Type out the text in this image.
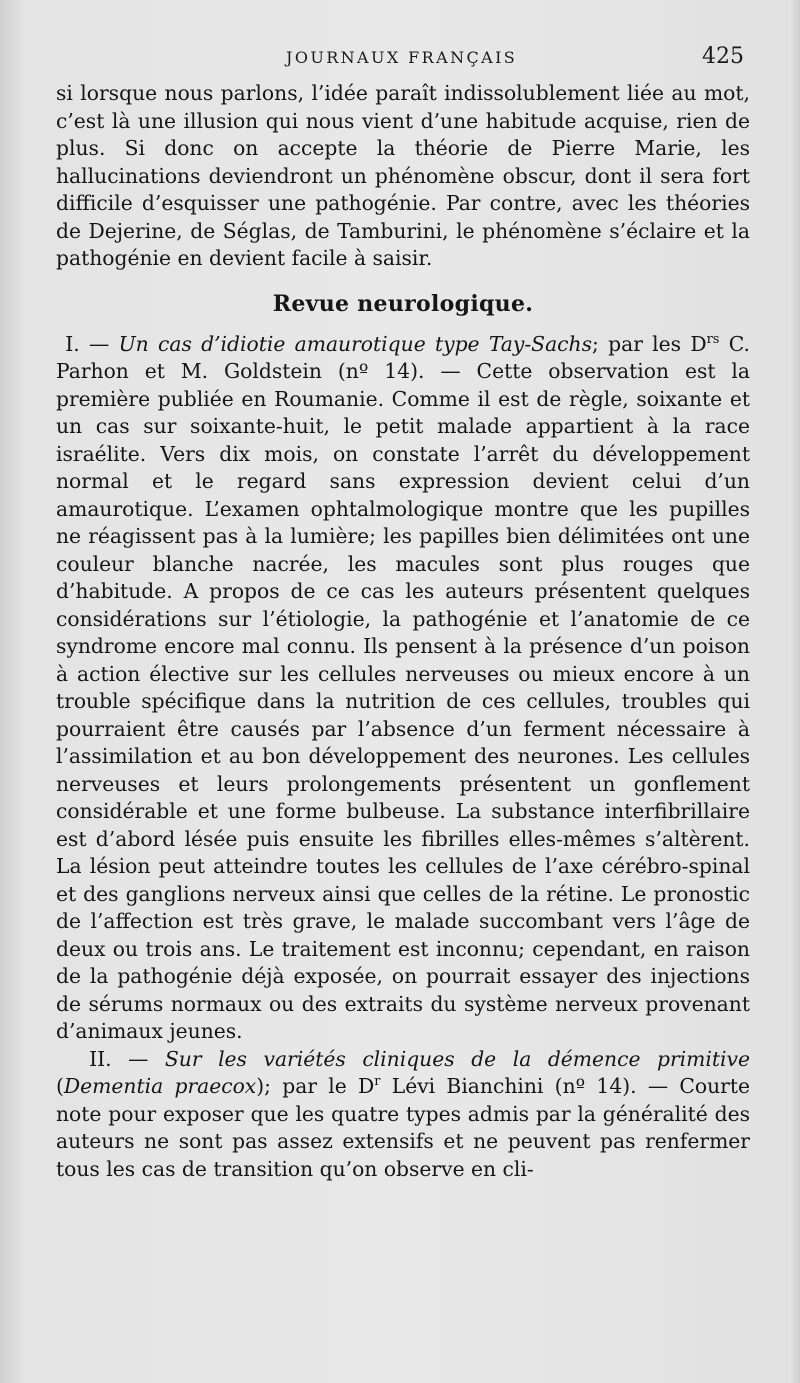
JOURNAUX FRANÇAIS	425

si lorsque nous parlons, l’idée paraît indissolublement liée au mot, c’est là une illusion qui nous vient d’une habitude acquise, rien de plus. Si donc on accepte la théorie de Pierre Marie, les hallucinations deviendront un phénomène obscur, dont il sera fort difficile d’esquisser une pathogénie. Par contre, avec les théories de Dejerine, de Séglas, de Tamburini, le phénomène s’éclaire et la pathogénie en devient facile à saisir.

Revue neurologique.

I. — Un cas d’idiotie amaurotique type Tay-Sachs; par les $D^{rs}$ C. Parhon et M. Goldstein (nº 14). — Cette observation est la première publiée en Roumanie. Comme il est de règle, soixante et un cas sur soixante-huit, le petit malade appartient à la race israélite. Vers dix mois, on constate l’arrêt du développement normal et le regard sans expression devient celui d’un amaurotique. L’examen ophtalmologique montre que les pupilles ne réagissent pas à la lumière; les papilles bien délimitées ont une couleur blanche nacrée, les macules sont plus rouges que d’habitude. A propos de ce cas les auteurs présentent quelques considérations sur l’étiologie, la pathogénie et l’anatomie de ce syndrome encore mal connu. Ils pensent à la présence d’un poison à action élective sur les cellules nerveuses ou mieux encore à un trouble spécifique dans la nutrition de ces cellules, troubles qui pourraient être causés par l’absence d’un ferment nécessaire à l’assimilation et au bon développement des neurones. Les cellules nerveuses et leurs prolongements présentent un gonflement considérable et une forme bulbeuse. La substance interfibrillaire est d’abord lésée puis ensuite les fibrilles elles-mêmes s’altèrent. La lésion peut atteindre toutes les cellules de l’axe cérébro-spinal et des ganglions nerveux ainsi que celles de la rétine. Le pronostic de l’affection est très grave, le malade succombant vers l’âge de deux ou trois ans. Le traitement est inconnu; cependant, en raison de la pathogénie déjà exposée, on pourrait essayer des injections de sérums normaux ou des extraits du système nerveux provenant d’animaux jeunes.

II. — Sur les variétés cliniques de la démence primitive (Dementia praecox); par le $D^r$ Lévi Bianchini (nº 14). — Courte note pour exposer que les quatre types admis par la généralité des auteurs ne sont pas assez extensifs et ne peuvent pas renfermer tous les cas de transition qu’on observe en cli-
